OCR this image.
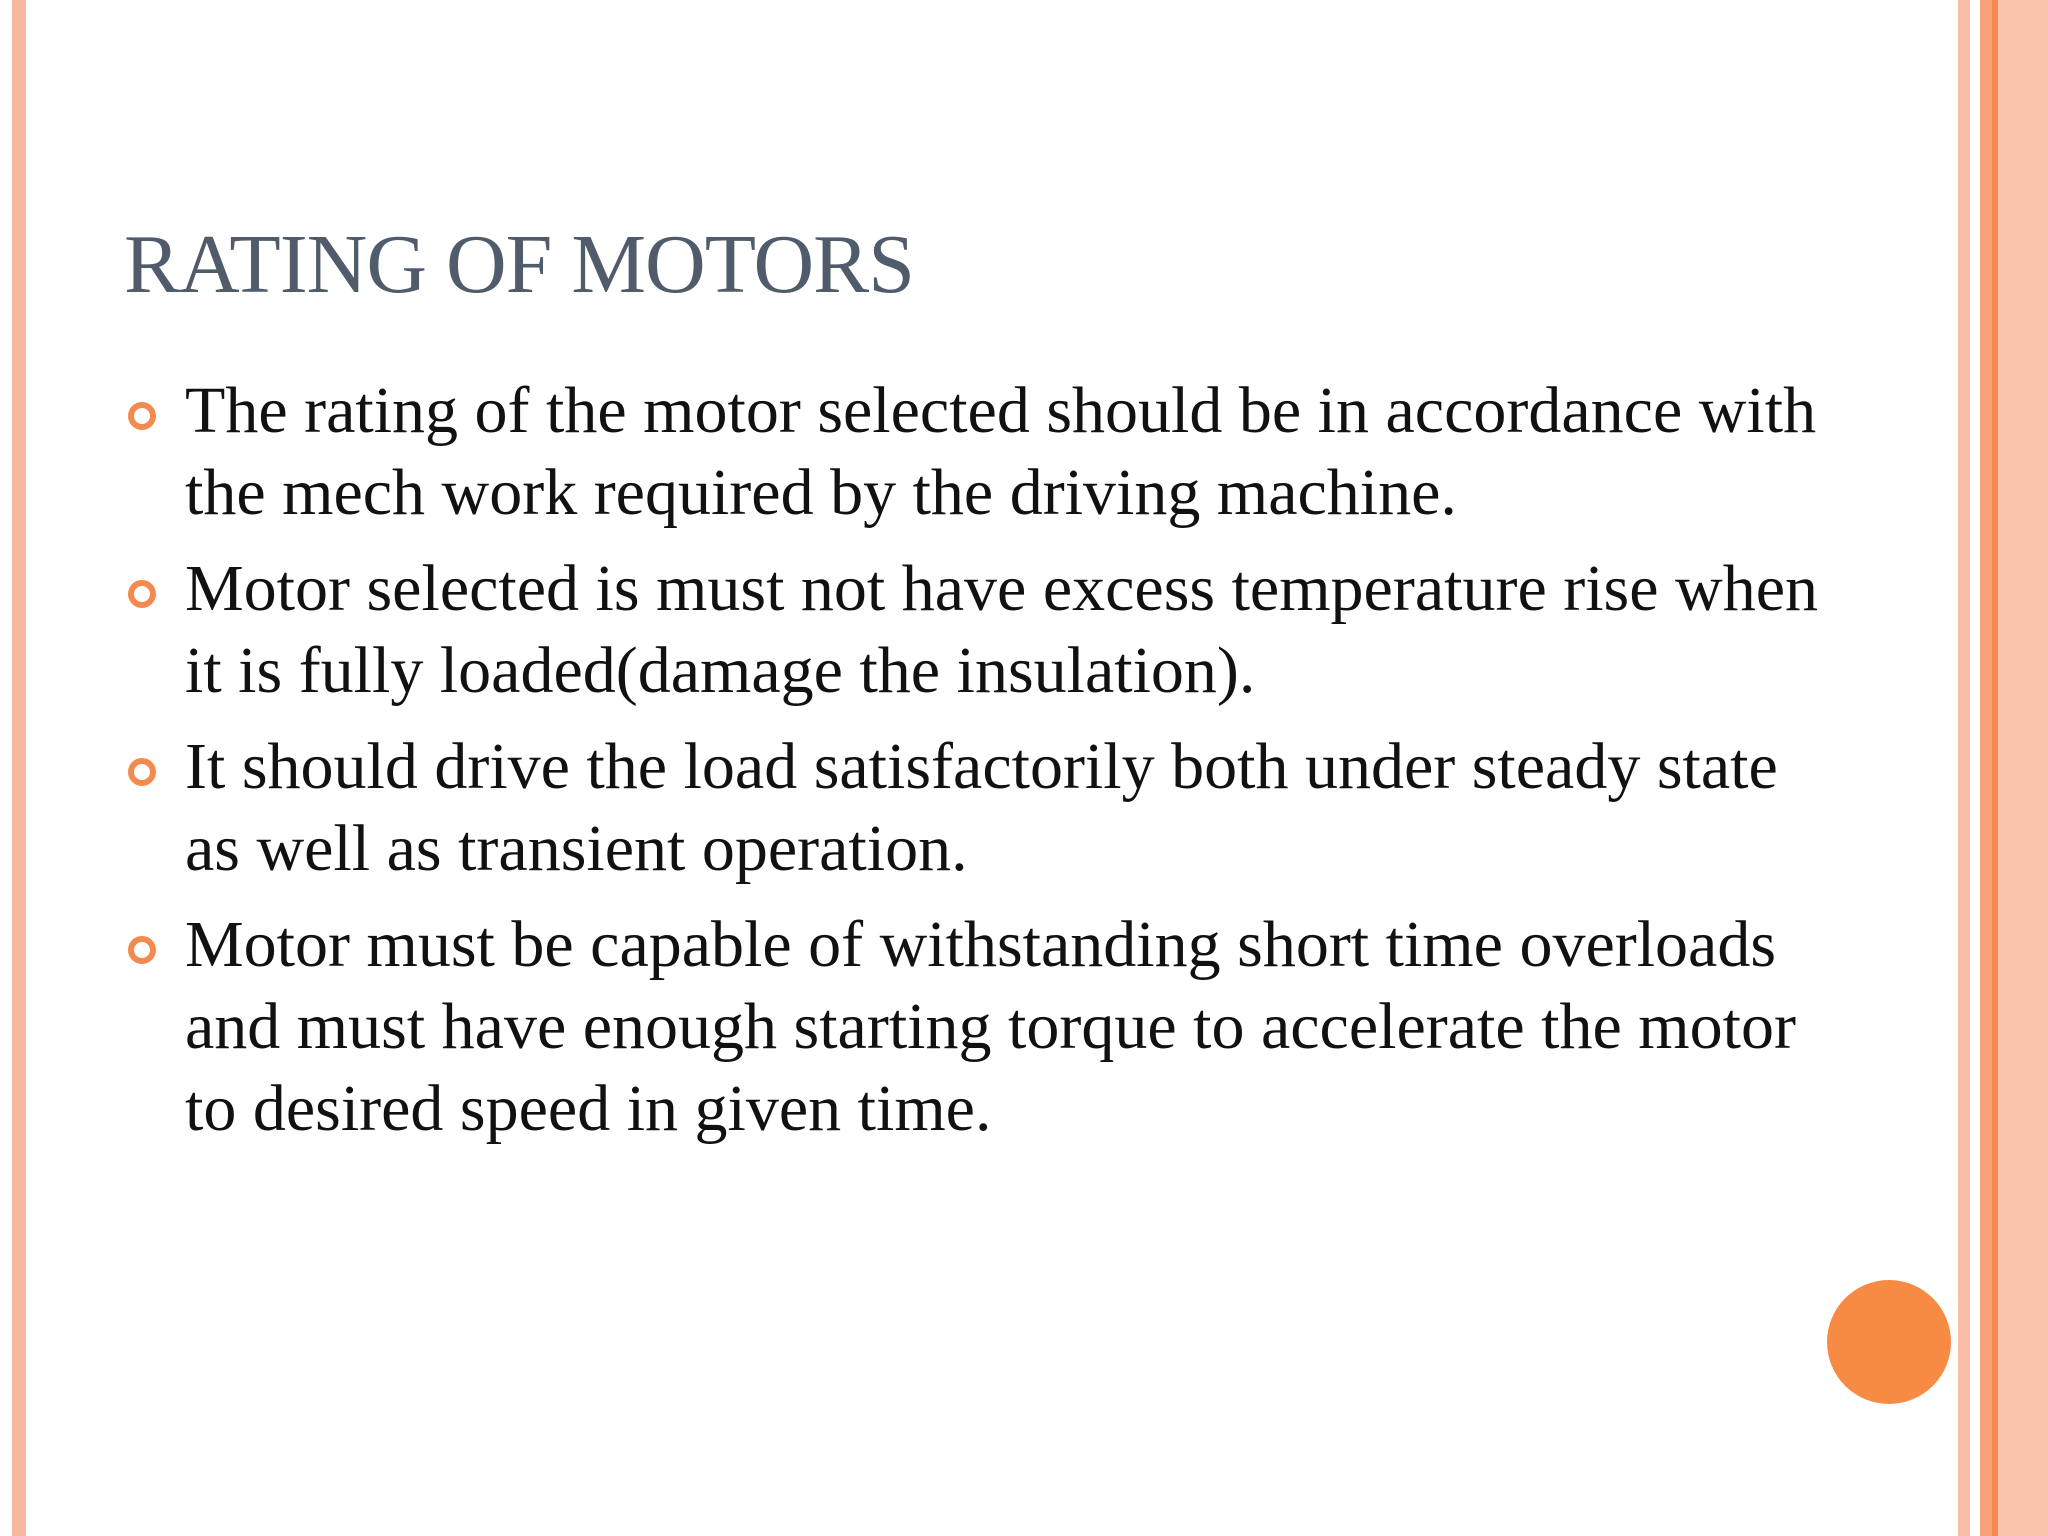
RATING OF MOTORS
The rating of the motor selected should be in accordance with the mech work required by the driving machine.
Motor selected is must not have excess temperature rise when it is fully loaded(damage the insulation).
It should drive the load satisfactorily both under steady state as well as transient operation.
Motor must be capable of withstanding short time overloads and must have enough starting torque to accelerate the motor to desired speed in given time.
